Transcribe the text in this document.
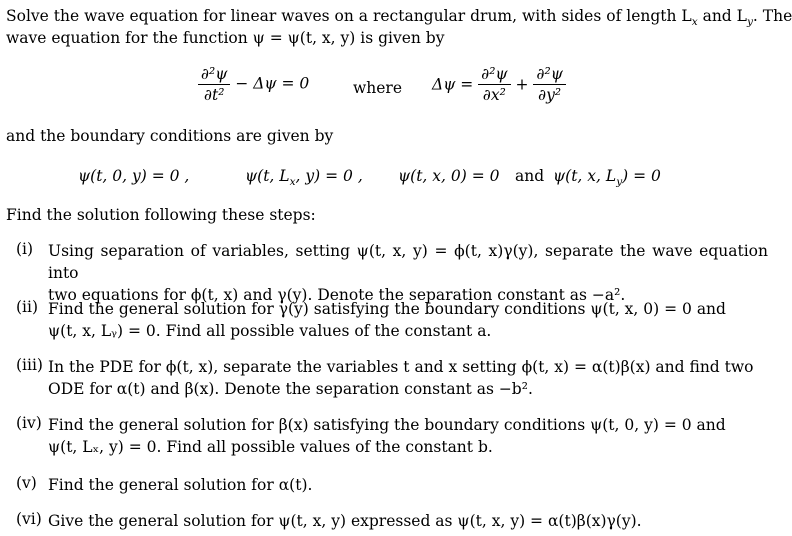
Solve the wave equation for linear waves on a rectangular drum, with sides of length $L_x$ and $L_y$. The
wave equation for the function ψ = ψ(t, x, y) is given by
$\frac{\text{∂²ψ}}{\text{∂t²}} - \Delta\psi = 0$	where $\Delta\psi = \frac{\text{∂²ψ}}{\text{∂x²}} + \frac{\text{∂²ψ}}{\text{∂y²}}$
and the boundary conditions are given by
ψ(t, 0, y) = 0 ,	ψ(t, $L_x$, y) = 0 , ψ(t, x, 0) = 0 and ψ(t, x, $L_y) = 0$
Find the solution following these steps:
(i) Using separation of variables, setting ψ(t, x, y) = ϕ(t, x)γ(y), separate the wave equation into
two equations for ϕ(t, x) and γ(y). Denote the separation constant as −a².
(ii) Find the general solution for γ(y) satisfying the boundary conditions ψ(t, x, 0) = 0 and
ψ(t, x, Lᵧ) = 0. Find all possible values of the constant a.
(iii) In the PDE for ϕ(t, x), separate the variables t and x setting ϕ(t, x) = α(t)β(x) and find two
ODE for α(t) and β(x). Denote the separation constant as −b².
(iv) Find the general solution for β(x) satisfying the boundary conditions ψ(t, 0, y) = 0 and
ψ(t, Lₓ, y) = 0. Find all possible values of the constant b.
(v) Find the general solution for α(t).
(vi) Give the general solution for ψ(t, x, y) expressed as ψ(t, x, y) = α(t)β(x)γ(y).
